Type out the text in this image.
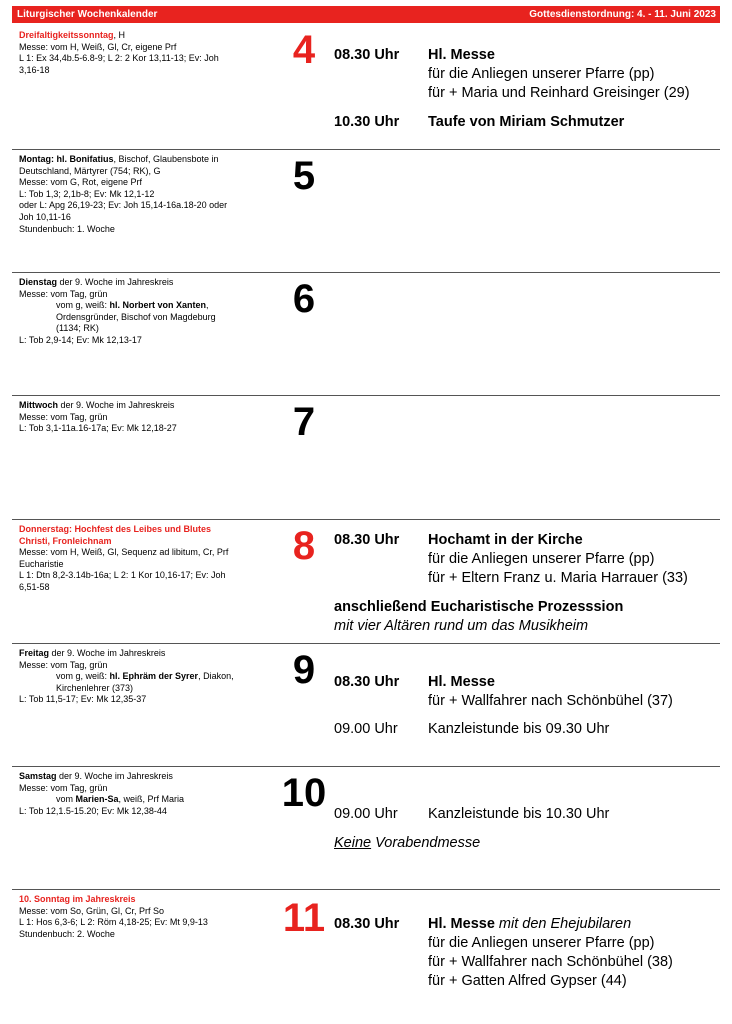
Liturgischer Wochenkalender	Gottesdienstordnung: 4. - 11. Juni 2023
Dreifaltigkeitssonntag, H
Messe: vom H, Weiß, Gl, Cr, eigene Prf
L 1: Ex 34,4b.5-6.8-9; L 2: 2 Kor 13,11-13; Ev: Joh
3,16-18	4	08.30 Uhr Hl. Messe
für die Anliegen unserer Pfarre (pp)
für + Maria und Reinhard Greisinger (29)
10.30 Uhr Taufe von Miriam Schmutzer
Montag: hl. Bonifatius, Bischof, Glaubensbote in
Deutschland, Märtyrer (754; RK), G
Messe: vom G, Rot, eigene Prf
L: Tob 1,3; 2,1b-8; Ev: Mk 12,1-12
oder L: Apg 26,19-23; Ev: Joh 15,14-16a.18-20 oder
Joh 10,11-16
Stundenbuch: 1. Woche
5
Dienstag der 9. Woche im Jahreskreis
Messe: vom Tag, grün
vom g, weiß: hl. Norbert von Xanten,
Ordensgründer, Bischof von Magdeburg
(1134; RK)
L: Tob 2,9-14; Ev: Mk 12,13-17
6
Mittwoch der 9. Woche im Jahreskreis
Messe: vom Tag, grün
L: Tob 3,1-11a.16-17a; Ev: Mk 12,18-27	7
Donnerstag: Hochfest des Leibes und Blutes
Christi, Fronleichnam
Messe: vom H, Weiß, Gl, Sequenz ad libitum, Cr, Prf
Eucharistie
L 1: Dtn 8,2-3.14b-16a; L 2: 1 Kor 10,16-17; Ev: Joh
6,51-58
8	08.30 Uhr Hochamt in der Kirche
für die Anliegen unserer Pfarre (pp)
für + Eltern Franz u. Maria Harrauer (33)
anschließend Eucharistische Prozesssion
mit vier Altären rund um das Musikheim
Freitag der 9. Woche im Jahreskreis
Messe: vom Tag, grün
vom g, weiß: hl. Ephräm der Syrer, Diakon,
Kirchenlehrer (373)
L: Tob 11,5-17; Ev: Mk 12,35-37
9	08.30 Uhr Hl. Messe
für + Wallfahrer nach Schönbühel (37)
09.00 Uhr Kanzleistunde bis 09.30 Uhr
Samstag der 9. Woche im Jahreskreis
Messe: vom Tag, grün
vom Marien-Sa, weiß, Prf Maria
L: Tob 12,1.5-15.20; Ev: Mk 12,38-44	10 09.00 Uhr Kanzleistunde bis 10.30 Uhr
Keine Vorabendmesse
10. Sonntag im Jahreskreis
Messe: vom So, Grün, Gl, Cr, Prf So
L 1: Hos 6,3-6; L 2: Röm 4,18-25; Ev: Mt 9,9-13
Stundenbuch: 2. Woche	11 08.30 Uhr Hl. Messe mit den Ehejubilaren
für die Anliegen unserer Pfarre (pp)
für + Wallfahrer nach Schönbühel (38)
für + Gatten Alfred Gypser (44)
